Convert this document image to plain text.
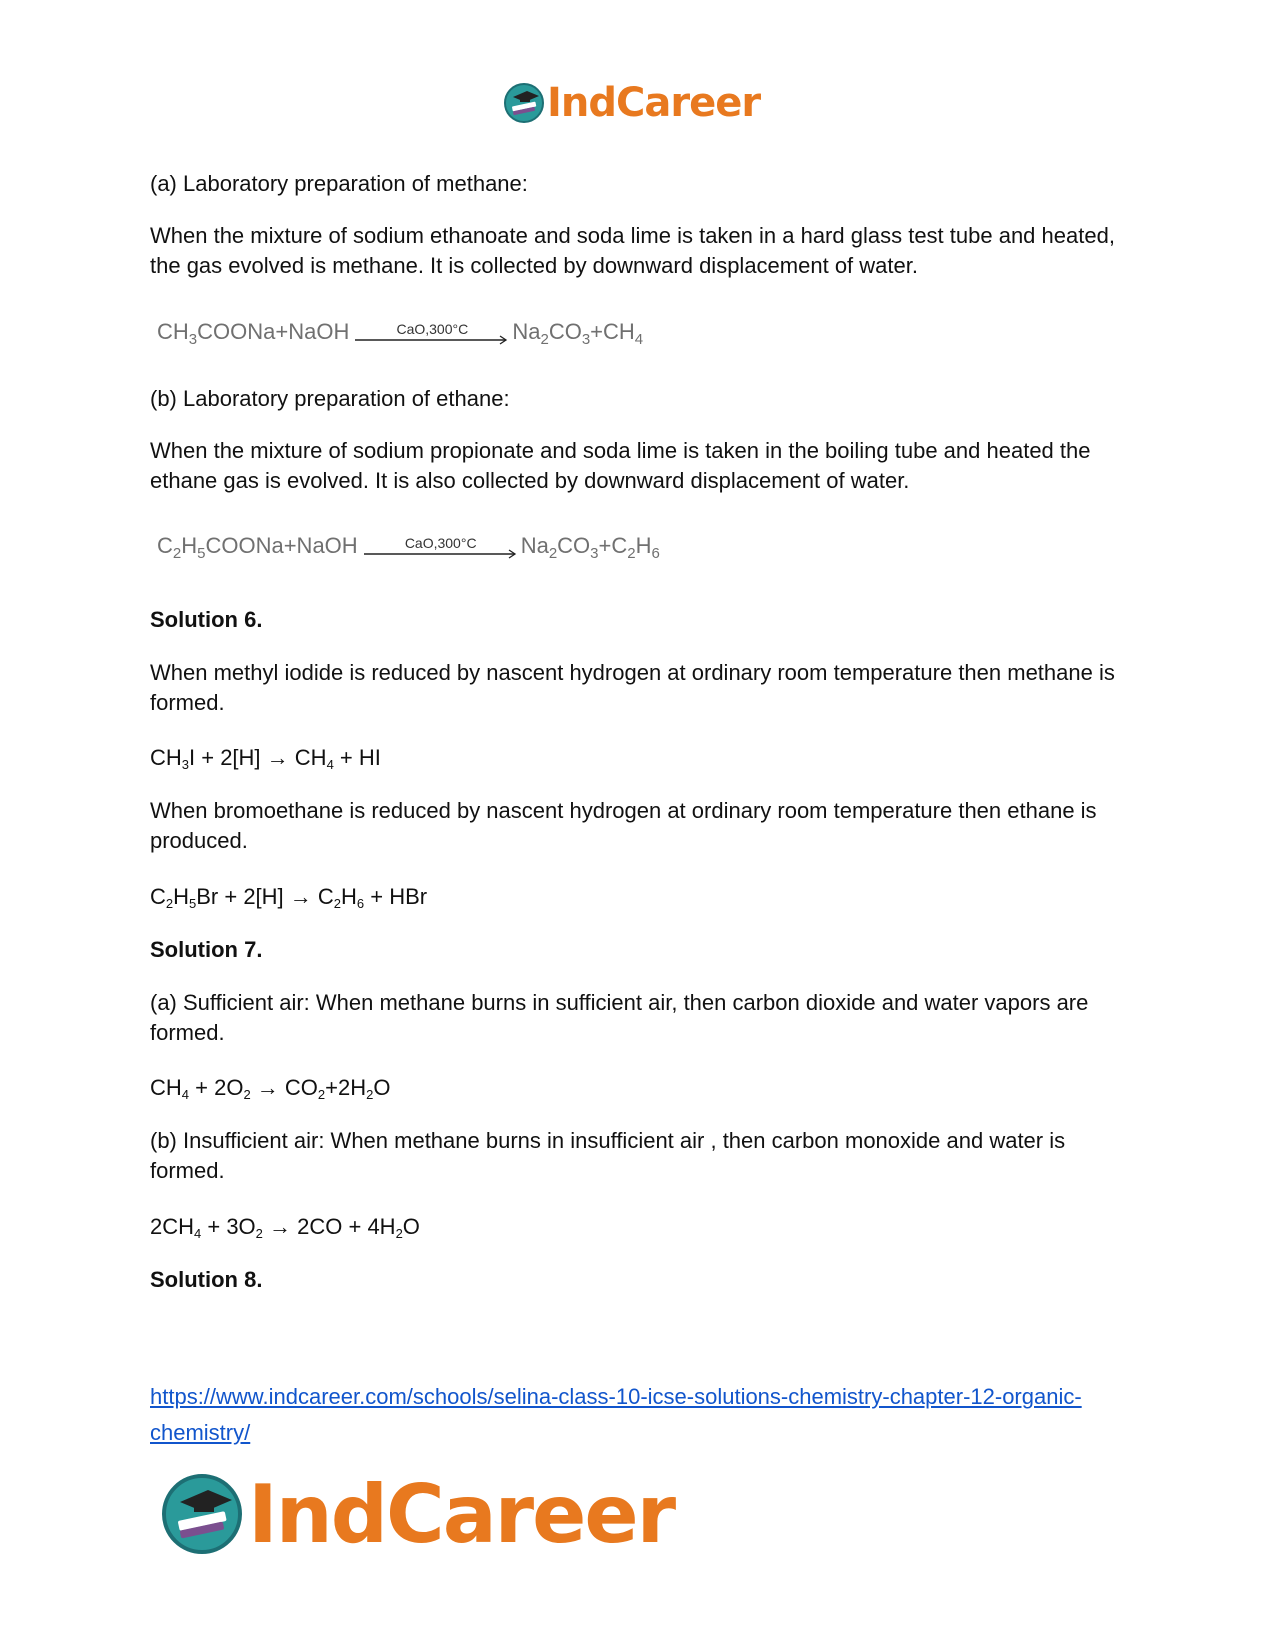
IndCareer

(a) Laboratory preparation of methane:

When the mixture of sodium ethanoate and soda lime is taken in a hard glass test tube and heated, the gas evolved is methane. It is collected by downward displacement of water.

$CH_3COONa+NaOH$	CaO,300°C	$Na_2CO_3+CH_4$

(b) Laboratory preparation of ethane:

When the mixture of sodium propionate and soda lime is taken in the boiling tube and heated the ethane gas is evolved. It is also collected by downward displacement of water.

$C_2H_5COONa+NaOH$	CaO,300°C	$Na_2CO_3+C_2H_6$

Solution 6.

When methyl iodide is reduced by nascent hydrogen at ordinary room temperature then methane is formed.

$CH_3I + 2[H] \to CH_4$ + HI

When bromoethane is reduced by nascent hydrogen at ordinary room temperature then ethane is produced.

$C_2H_5Br + 2[H] \to C_2H_6$ + HBr

Solution 7.

(a) Sufficient air: When methane burns in sufficient air, then carbon dioxide and water vapors are formed.

$CH_4 + 2O_2 \to CO_2+2H_2O$

(b) Insufficient air: When methane burns in insufficient air , then carbon monoxide and water is formed.

$2CH_4 + 3O_2 \to 2CO + 4H_2O$

Solution 8.

https://www.indcareer.com/schools/selina-class-10-icse-solutions-chemistry-chapter-12-organic-chemistry/
IndCareer
